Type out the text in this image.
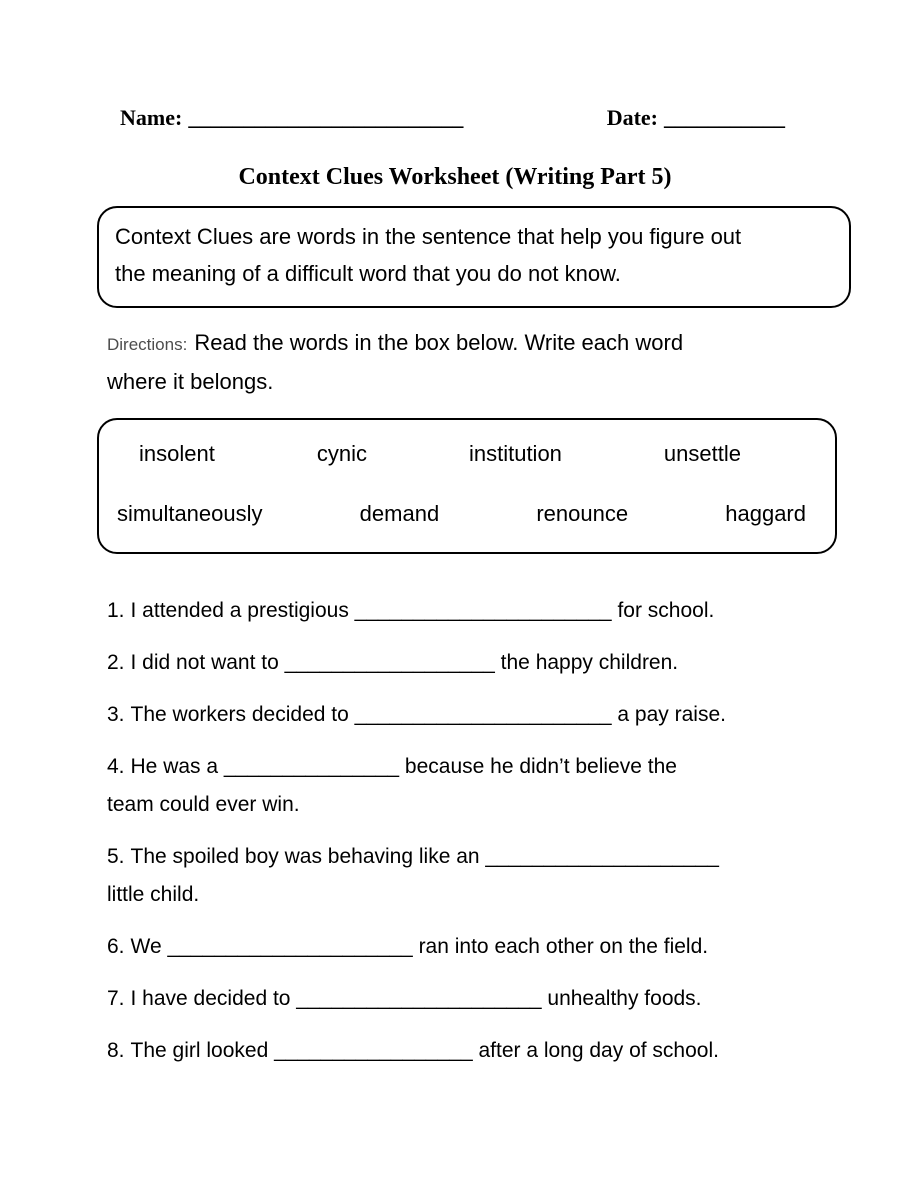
Name: _________________________	Date: ___________
Context Clues Worksheet (Writing Part 5)
Context Clues are words in the sentence that help you figure out
the meaning of a difficult word that you do not know.
Directions: Read the words in the box below. Write each word
where it belongs.
insolent	cynic	institution	unsettle
simultaneously	demand	renounce	haggard
1. I attended a prestigious ______________________ for school.
2. I did not want to __________________ the happy children.
3. The workers decided to ______________________ a pay raise.
4. He was a _______________ because he didn’t believe the
team could ever win.
5. The spoiled boy was behaving like an ____________________
little child.
6. We _____________________ ran into each other on the field.
7. I have decided to _____________________ unhealthy foods.
8. The girl looked _________________ after a long day of school.
